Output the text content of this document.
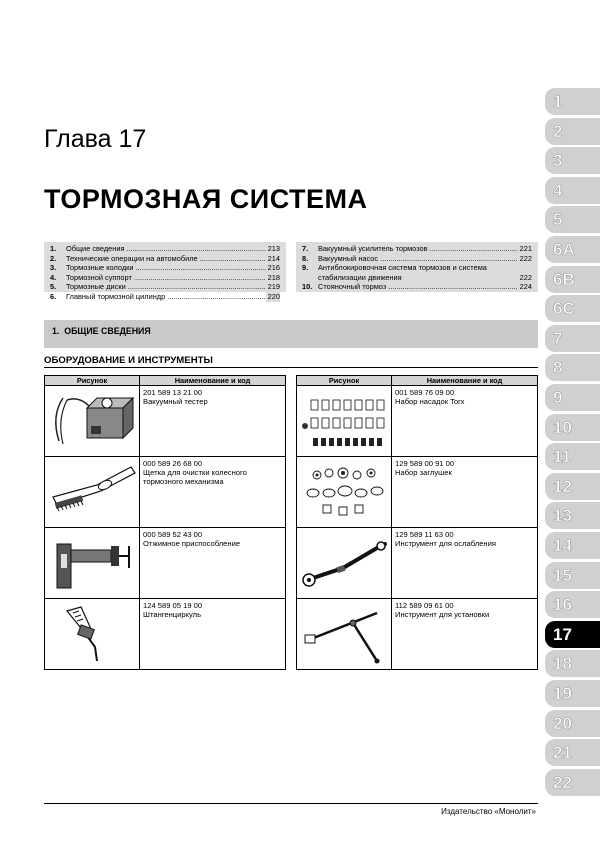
Глава 17
ТОРМОЗНАЯ СИСТЕМА
1.	Общие сведения .....	213
2.	Технические операции на автомобиле .....	214
3.	Тормозные колодки .....	216
4.	Тормозной суппорт .....	218
5.	Тормозные диски .....	219
6.	Главный тормозной цилиндр .....	220
7.	Вакуумный усилитель тормозов .....	221
8.	Вакуумный насос .....	222
9.	Антиблокировочная система тормозов и система стабилизации движения	222
10. Стояночный тормоз .....	224
1. ОБЩИЕ СВЕДЕНИЯ
ОБОРУДОВАНИЕ И ИНСТРУМЕНТЫ
Рисунок	Наименование и код

201 589 13 21 00
Вакуумный тестер

000 589 26 68 00
Щетка для очистки колесного тормозного механизма

000 589 52 43 00
Отжимное приспособление

124 589 05 19 00
Штангенциркуль
Рисунок	Наименование и код

001 589 76 09 00
Набор насадок Torx

129 589 00 91 00
Набор заглушек

129 589 11 63 00
Инструмент для ослабления

112 589 09 61 00
Инструмент для установки
1
2
3
4
5
6A
6B
6C
7
8
9
10
11
12
13
14
15
16
17
18
19
20
21
22
Издательство «Монолит»
